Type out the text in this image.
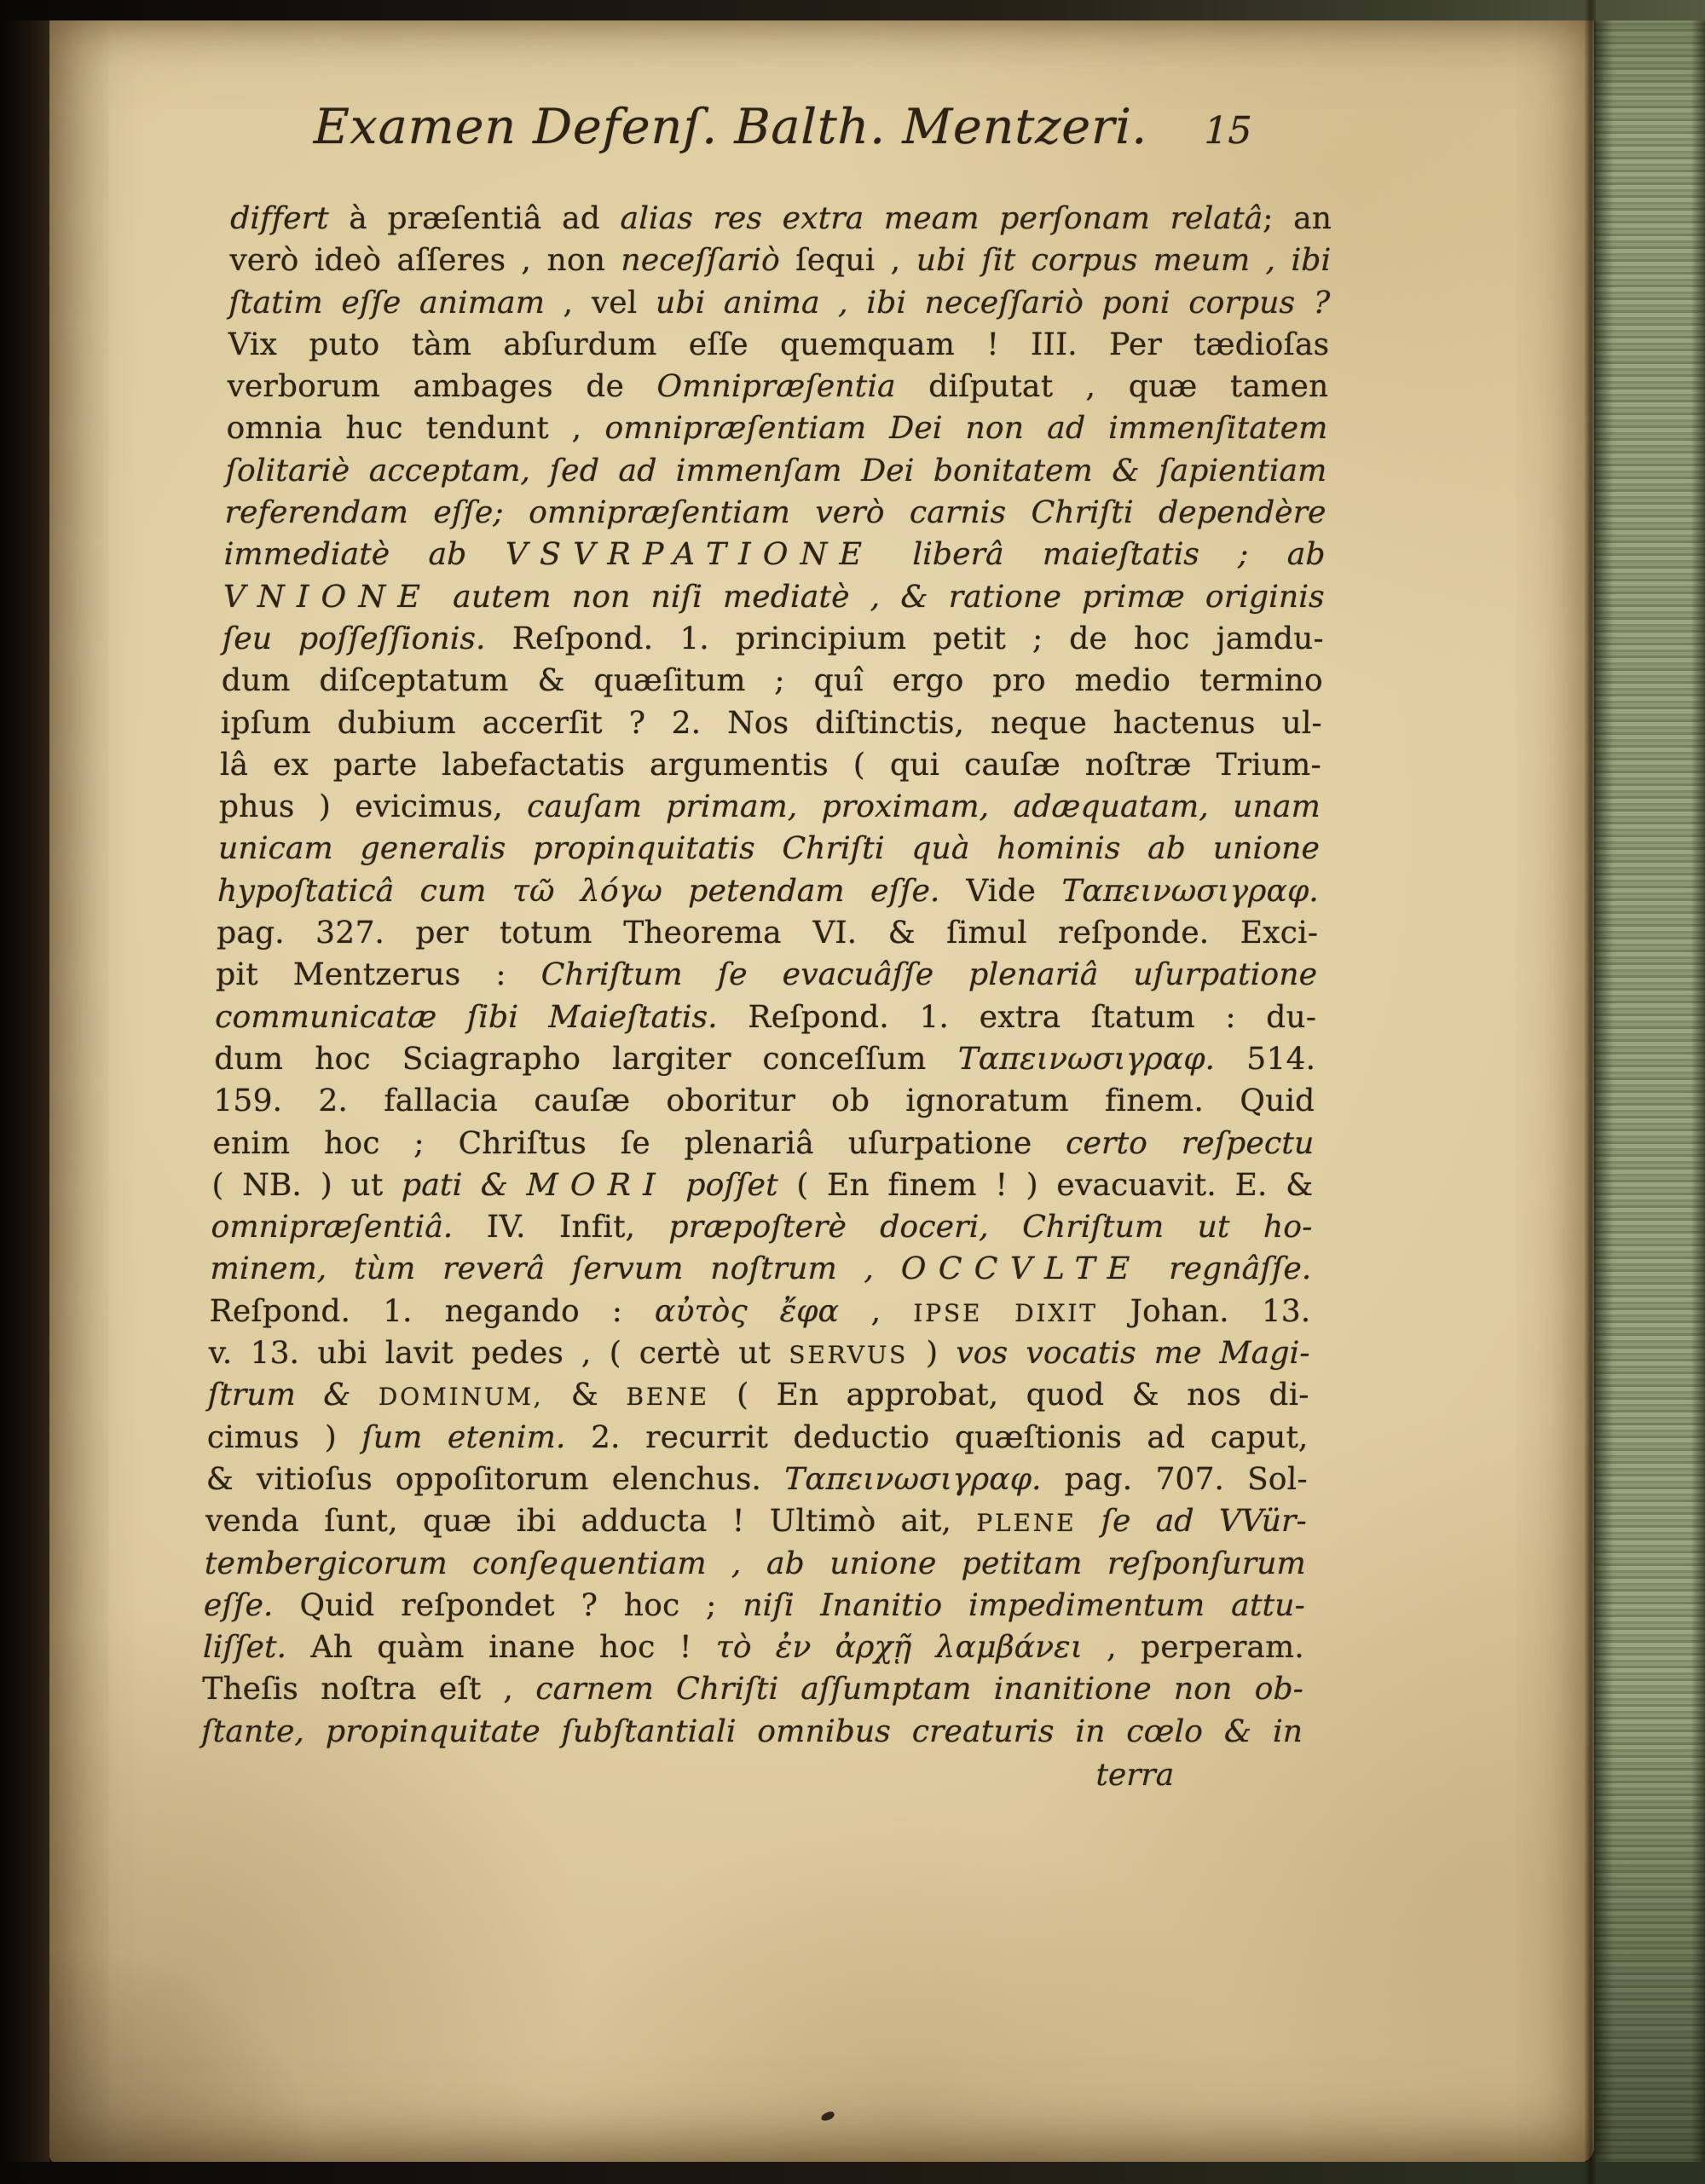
Examen Defenſ. Balth. Mentzeri. 15
differt à præſentiâ ad alias res extra meam perſonam relatâ; an
verò ideò aſſeres , non neceſſariò ſequi , ubi ſit corpus meum , ibi
ſtatim eſſe animam , vel ubi anima , ibi neceſſariò poni corpus ?
Vix puto tàm abſurdum eſſe quemquam ! III. Per tædioſas
verborum ambages de Omnipræſentia diſputat , quæ tamen
omnia huc tendunt , omnipræſentiam Dei non ad immenſitatem
ſolitariè acceptam, ſed ad immenſam Dei bonitatem & ſapientiam
referendam eſſe; omnipræſentiam verò carnis Chriſti dependère
immediatè ab VSVRPATIONE liberâ maieſtatis ; ab
VNIONE autem non niſi mediatè , & ratione primæ originis
ſeu poſſeſſionis. Reſpond. 1. principium petit ; de hoc jamdu-
dum diſceptatum & quæſitum ; quî ergo pro medio termino
ipſum dubium accerſit ? 2. Nos diſtinctis, neque hactenus ul-
lâ ex parte labefactatis argumentis ( qui cauſæ noſtræ Trium-
phus ) evicimus, cauſam primam, proximam, adæquatam, unam
unicam generalis propinquitatis Chriſti quà hominis ab unione
hypoſtaticâ cum τῶ λόγω petendam eſſe. Vide Ταπεινωσιγραφ.
pag. 327. per totum Theorema VI. & ſimul reſponde. Exci-
pit Mentzerus : Chriſtum ſe evacuâſſe plenariâ uſurpatione
communicatæ ſibi Maieſtatis. Reſpond. 1. extra ſtatum : du-
dum hoc Sciagrapho largiter conceſſum Ταπεινωσιγραφ. 514.
159. 2. fallacia cauſæ oboritur ob ignoratum finem. Quid
enim hoc ; Chriſtus ſe plenariâ uſurpatione certo reſpectu
( NB. ) ut pati & MORI poſſet ( En finem ! ) evacuavit. E. &
omnipræſentiâ. IV. Infit, præpoſterè doceri, Chriſtum ut ho-
minem, tùm reverâ ſervum noſtrum , OCCVLTE regnâſſe.
Reſpond. 1. negando : αὐτὸς ἔφα , IPSE DIXIT Johan. 13.
v. 13. ubi lavit pedes , ( certè ut SERVUS ) vos vocatis me Magi-
ſtrum & DOMINUM, & BENE ( En approbat, quod & nos di-
cimus ) ſum etenim. 2. recurrit deductio quæſtionis ad caput,
& vitioſus oppoſitorum elenchus. Ταπεινωσιγραφ. pag. 707. Sol-
venda ſunt, quæ ibi adducta ! Ultimò ait, PLENE ſe ad VVür-
tembergicorum conſequentiam , ab unione petitam reſponſurum
eſſe. Quid reſpondet ? hoc ; niſi Inanitio impedimentum attu-
liſſet. Ah quàm inane hoc ! τὸ ἐν ἀρχῇ λαμβάνει , perperam.
Theſis noſtra eſt , carnem Chriſti aſſumptam inanitione non ob-
ſtante, propinquitate ſubſtantiali omnibus creaturis in cœlo & in
terra
